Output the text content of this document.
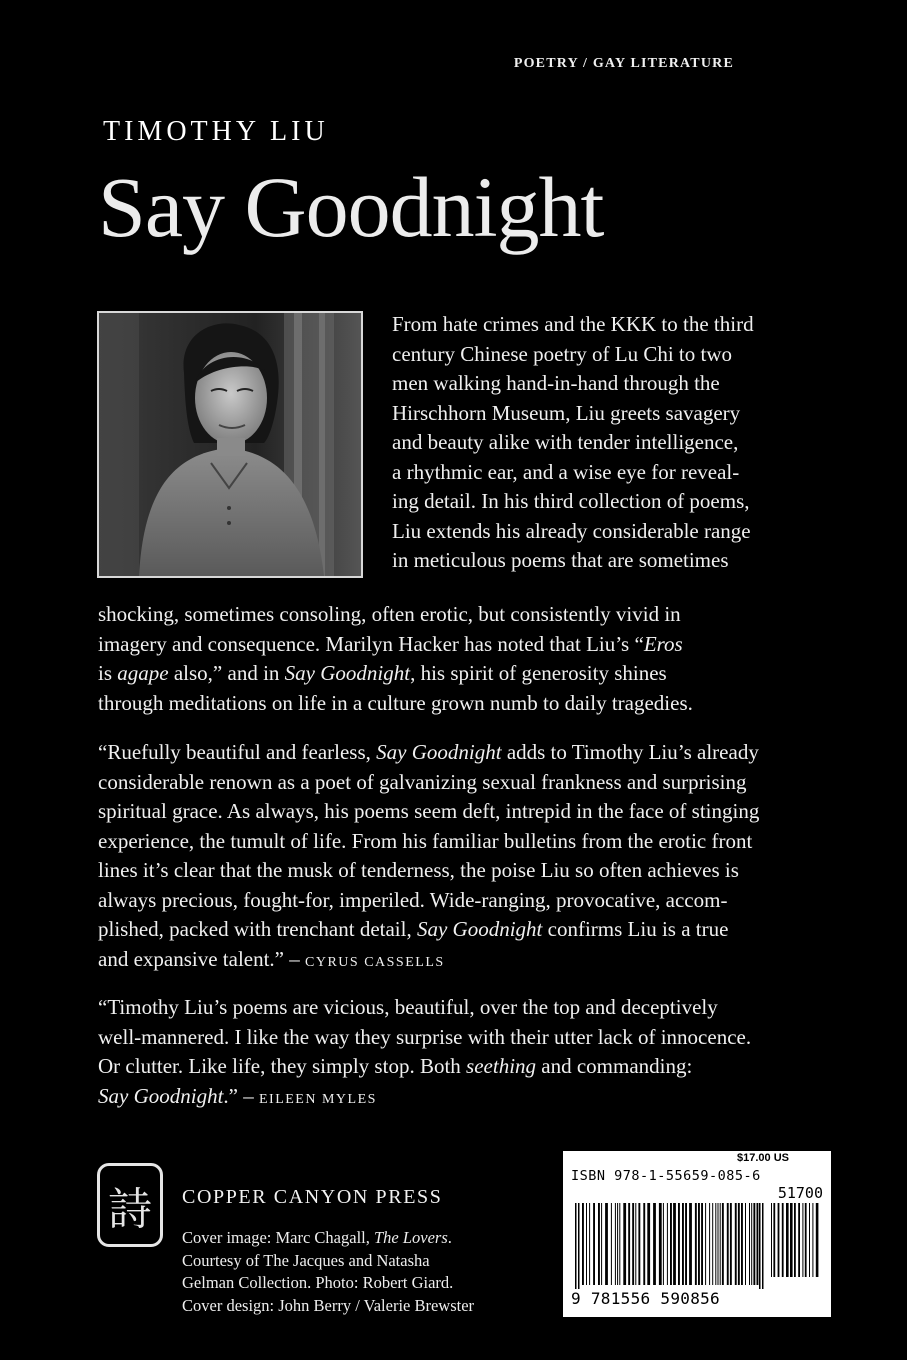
POETRY / GAY LITERATURE
TIMOTHY LIU
Say Goodnight
From hate crimes and the KKK to the third
century Chinese poetry of Lu Chi to two
men walking hand-in-hand through the
Hirschhorn Museum, Liu greets savagery
and beauty alike with tender intelligence,
a rhythmic ear, and a wise eye for reveal-
ing detail. In his third collection of poems,
Liu extends his already considerable range
in meticulous poems that are sometimes
shocking, sometimes consoling, often erotic, but consistently vivid in
imagery and consequence. Marilyn Hacker has noted that Liu’s “Eros
is agape also,” and in Say Goodnight, his spirit of generosity shines
through meditations on life in a culture grown numb to daily tragedies.
“Ruefully beautiful and fearless, Say Goodnight adds to Timothy Liu’s already
considerable renown as a poet of galvanizing sexual frankness and surprising
spiritual grace. As always, his poems seem deft, intrepid in the face of stinging
experience, the tumult of life. From his familiar bulletins from the erotic front
lines it’s clear that the musk of tenderness, the poise Liu so often achieves is
always precious, fought-for, imperiled. Wide-ranging, provocative, accom-
plished, packed with trenchant detail, Say Goodnight confirms Liu is a true
and expansive talent.” – CYRUS CASSELLS
“Timothy Liu’s poems are vicious, beautiful, over the top and deceptively
well-mannered. I like the way they surprise with their utter lack of innocence.
Or clutter. Like life, they simply stop. Both seething and commanding:
Say Goodnight.” – EILEEN MYLES
詩 COPPER CANYON PRESS
Cover image: Marc Chagall, The Lovers.
Courtesy of The Jacques and Natasha
Gelman Collection. Photo: Robert Giard.
Cover design: John Berry / Valerie Brewster
$17.00 US
ISBN 978-1-55659-085-6
51700
9 781556 590856
